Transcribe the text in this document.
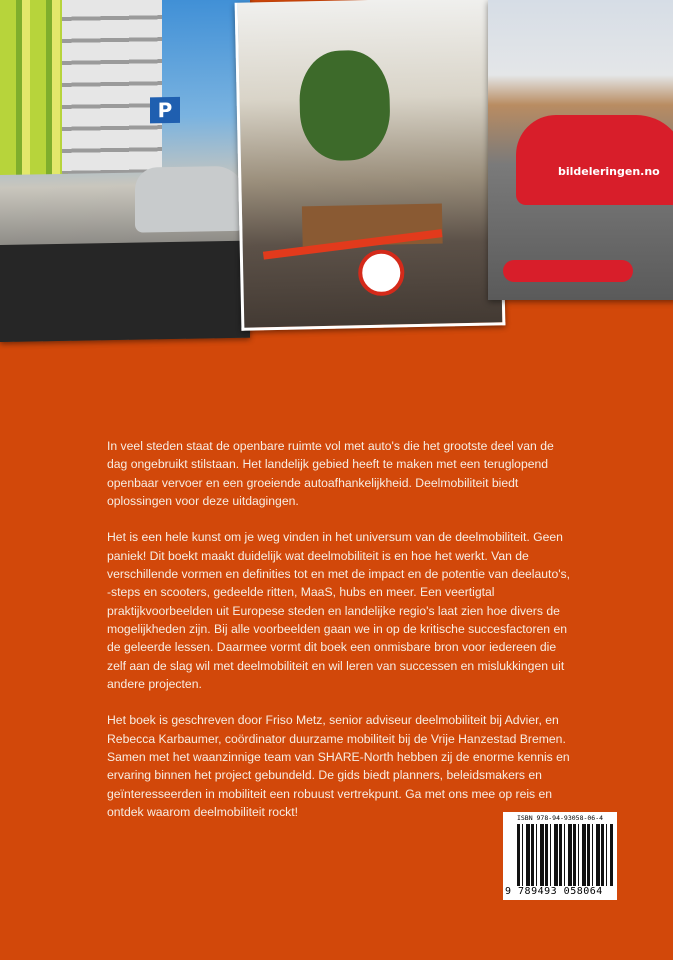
P
bildeleringen.no

In veel steden staat de openbare ruimte vol met auto's die het grootste deel van de dag ongebruikt stilstaan. Het landelijk gebied heeft te maken met een teruglopend openbaar vervoer en een groeiende autoafhankelijkheid. Deelmobiliteit biedt oplossingen voor deze uitdagingen.

Het is een hele kunst om je weg vinden in het universum van de deelmobiliteit. Geen paniek! Dit boekt maakt duidelijk wat deelmobiliteit is en hoe het werkt. Van de verschillende vormen en definities tot en met de impact en de potentie van deelauto's, -steps en scooters, gedeelde ritten, MaaS, hubs en meer. Een veertigtal praktijkvoorbeelden uit Europese steden en landelijke regio's laat zien hoe divers de mogelijkheden zijn. Bij alle voorbeelden gaan we in op de kritische succesfactoren en de geleerde lessen. Daarmee vormt dit boek een onmisbare bron voor iedereen die zelf aan de slag wil met deelmobiliteit en wil leren van successen en mislukkingen uit andere projecten.

Het boek is geschreven door Friso Metz, senior adviseur deelmobiliteit bij Advier, en Rebecca Karbaumer, coördinator duurzame mobiliteit bij de Vrije Hanzestad Bremen. Samen met het waanzinnige team van SHARE-North hebben zij de enorme kennis en ervaring binnen het project gebundeld. De gids biedt planners, beleidsmakers en geïnteresseerden in mobiliteit een robuust vertrekpunt. Ga met ons mee op reis en ontdek waarom deelmobiliteit rockt!	ISBN 978-94-93058-06-4
9 789493 058064
